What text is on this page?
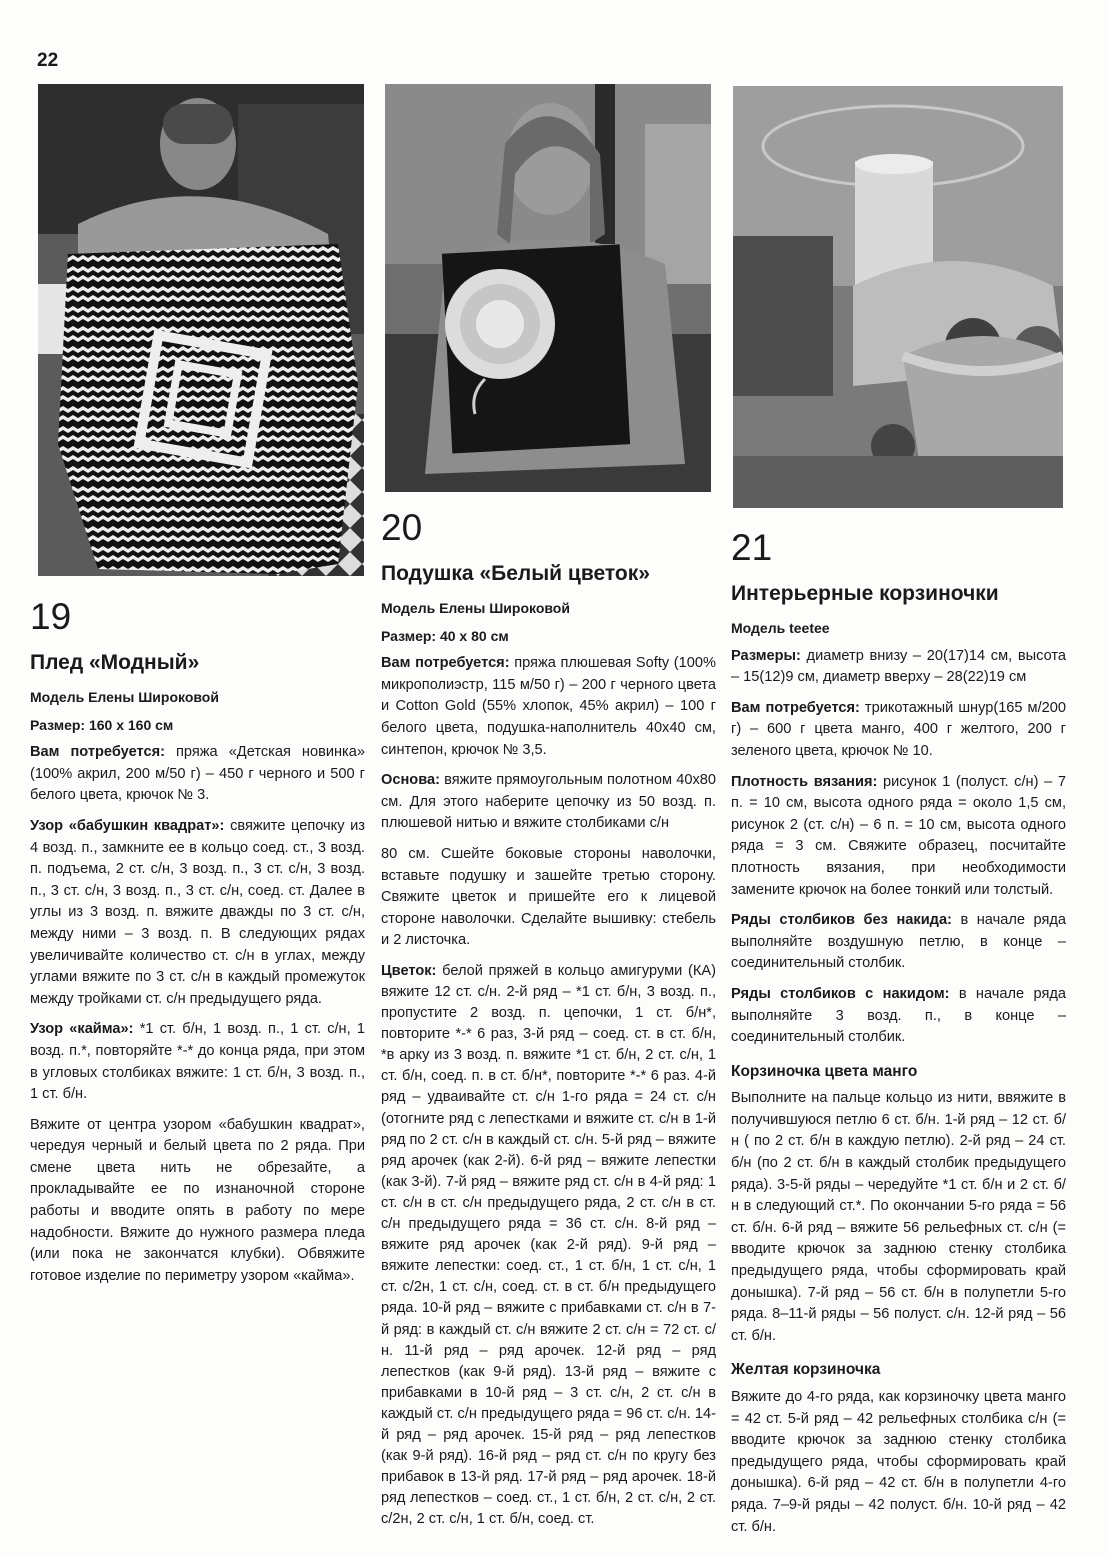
22
19
Плед «Модный»
Модель Елены Широковой
Размер: 160 х 160 см
Вам потребуется: пряжа «Детская новинка» (100% акрил, 200 м/50 г) – 450 г черного и 500 г белого цвета, крючок № 3.
Узор «бабушкин квадрат»: свяжите цепочку из 4 возд. п., замкните ее в кольцо соед. ст., 3 возд. п. подъема, 2 ст. с/н, 3 возд. п., 3 ст. с/н, 3 возд. п., 3 ст. с/н, 3 возд. п., 3 ст. с/н, соед. ст. Далее в углы из 3 возд. п. вяжите дважды по 3 ст. с/н, между ними – 3 возд. п. В следующих рядах увеличивайте количество ст. с/н в углах, между углами вяжите по 3 ст. с/н в каждый промежуток между тройками ст. с/н предыдущего ряда.
Узор «кайма»: *1 ст. б/н, 1 возд. п., 1 ст. с/н, 1 возд. п.*, повторяйте *-* до конца ряда, при этом в угловых столбиках вяжите: 1 ст. б/н, 3 возд. п., 1 ст. б/н.
Вяжите от центра узором «бабушкин квадрат», чередуя черный и белый цвета по 2 ряда. При смене цвета нить не обрезайте, а прокладывайте ее по изнаночной стороне работы и вводите опять в работу по мере надобности. Вяжите до нужного размера пледа (или пока не закончатся клубки). Обвяжите готовое изделие по периметру узором «кайма».
20
Подушка «Белый цветок»
Модель Елены Широковой
Размер: 40 х 80 см
Вам потребуется: пряжа плюшевая Softy (100% микрополиэстр, 115 м/50 г) – 200 г черного цвета и Cotton Gold (55% хлопок, 45% акрил) – 100 г белого цвета, подушка-наполнитель 40х40 см, синтепон, крючок № 3,5.
Основа: вяжите прямоугольным полотном 40х80 см. Для этого наберите цепочку из 50 возд. п. плюшевой нитью и вяжите столбиками с/н
80 см. Сшейте боковые стороны наволочки, вставьте подушку и зашейте третью сторону. Свяжите цветок и пришейте его к лицевой стороне наволочки. Сделайте вышивку: стебель и 2 листочка.
Цветок: белой пряжей в кольцо амигуруми (КА) вяжите 12 ст. с/н. 2-й ряд – *1 ст. б/н, 3 возд. п., пропустите 2 возд. п. цепочки, 1 ст. б/н*, повторите *-* 6 раз, 3-й ряд – соед. ст. в ст. б/н, *в арку из 3 возд. п. вяжите *1 ст. б/н, 2 ст. с/н, 1 ст. б/н, соед. п. в ст. б/н*, повторите *-* 6 раз. 4-й ряд – удваивайте ст. с/н 1-го ряда = 24 ст. с/н (отогните ряд с лепестками и вяжите ст. с/н в 1-й ряд по 2 ст. с/н в каждый ст. с/н. 5-й ряд – вяжите ряд арочек (как 2-й). 6-й ряд – вяжите лепестки (как 3-й). 7-й ряд – вяжите ряд ст. с/н в 4-й ряд: 1 ст. с/н в ст. с/н предыдущего ряда, 2 ст. с/н в ст. с/н предыдущего ряда = 36 ст. с/н. 8-й ряд – вяжите ряд арочек (как 2-й ряд). 9-й ряд – вяжите лепестки: соед. ст., 1 ст. б/н, 1 ст. с/н, 1 ст. с/2н, 1 ст. с/н, соед. ст. в ст. б/н предыдущего ряда. 10-й ряд – вяжите с прибавками ст. с/н в 7-й ряд: в каждый ст. с/н вяжите 2 ст. с/н = 72 ст. с/н. 11-й ряд – ряд арочек. 12-й ряд – ряд лепестков (как 9-й ряд). 13-й ряд – вяжите с прибавками в 10-й ряд – 3 ст. с/н, 2 ст. с/н в каждый ст. с/н предыдущего ряда = 96 ст. с/н. 14-й ряд – ряд арочек. 15-й ряд – ряд лепестков (как 9-й ряд). 16-й ряд – ряд ст. с/н по кругу без прибавок в 13-й ряд. 17-й ряд – ряд арочек. 18-й ряд лепестков – соед. ст., 1 ст. б/н, 2 ст. с/н, 2 ст. с/2н, 2 ст. с/н, 1 ст. б/н, соед. ст.
21
Интерьерные корзиночки
Модель teetee
Размеры: диаметр внизу – 20(17)14 см, высота – 15(12)9 см, диаметр вверху – 28(22)19 см
Вам потребуется: трикотажный шнур(165 м/200 г) – 600 г цвета манго, 400 г желтого, 200 г зеленого цвета, крючок № 10.
Плотность вязания: рисунок 1 (полуст. с/н) – 7 п. = 10 см, высота одного ряда = около 1,5 см, рисунок 2 (ст. с/н) – 6 п. = 10 см, высота одного ряда = 3 см. Свяжите образец, посчитайте плотность вязания, при необходимости замените крючок на более тонкий или толстый.
Ряды столбиков без накида: в начале ряда выполняйте воздушную петлю, в конце – соединительный столбик.
Ряды столбиков с накидом: в начале ряда выполняйте 3 возд. п., в конце – соединительный столбик.
Корзиночка цвета манго
Выполните на пальце кольцо из нити, ввяжите в получившуюся петлю 6 ст. б/н. 1-й ряд – 12 ст. б/н ( по 2 ст. б/н в каждую петлю). 2-й ряд – 24 ст. б/н (по 2 ст. б/н в каждый столбик предыдущего ряда). 3-5-й ряды – чередуйте *1 ст. б/н и 2 ст. б/н в следующий ст.*. По окончании 5-го ряда = 56 ст. б/н. 6-й ряд – вяжите 56 рельефных ст. с/н (= вводите крючок за заднюю стенку столбика предыдущего ряда, чтобы сформировать край донышка). 7-й ряд – 56 ст. б/н в полупетли 5-го ряда. 8–11-й ряды – 56 полуст. с/н. 12-й ряд – 56 ст. б/н.
Желтая корзиночка
Вяжите до 4-го ряда, как корзиночку цвета манго = 42 ст. 5-й ряд – 42 рельефных столбика с/н (= вводите крючок за заднюю стенку столбика предыдущего ряда, чтобы сформировать край донышка). 6-й ряд – 42 ст. б/н в полупетли 4-го ряда. 7–9-й ряды – 42 полуст. б/н. 10-й ряд – 42 ст. б/н.
